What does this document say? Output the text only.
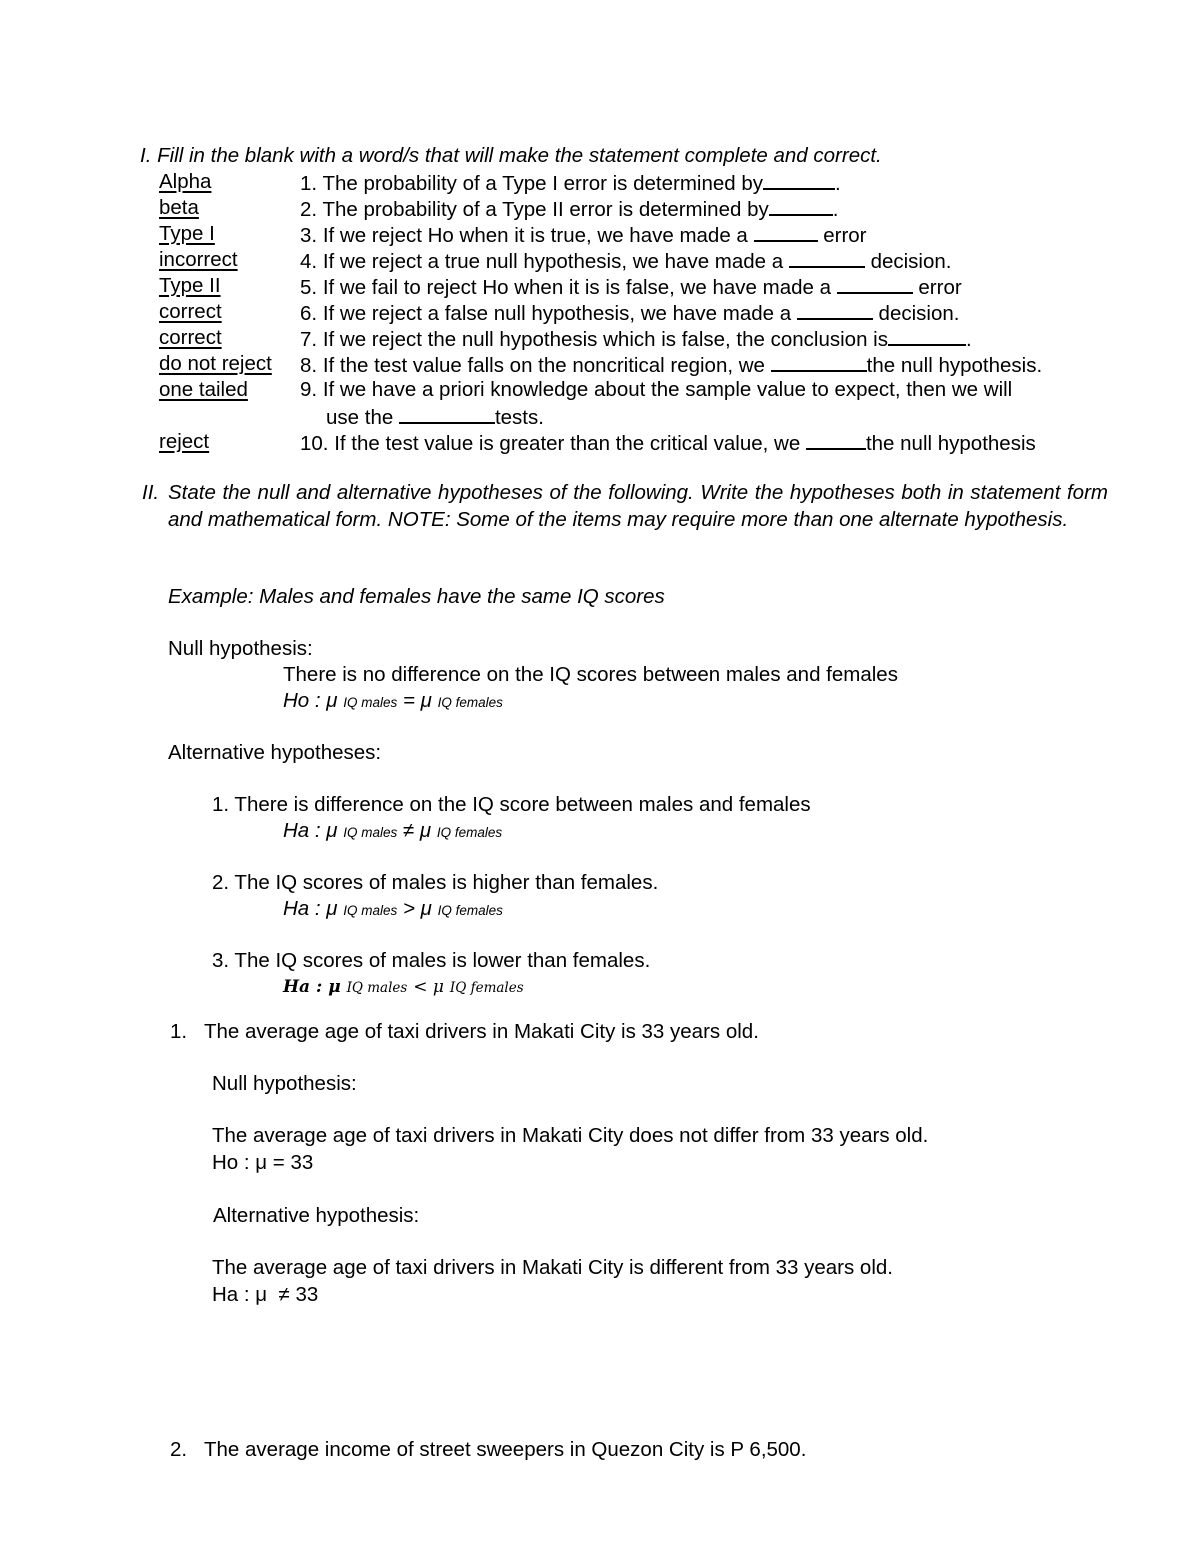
I. Fill in the blank with a word/s that will make the statement complete and correct.
Alpha	1. The probability of a Type I error is determined by	.
beta	2. The probability of a Type II error is determined by	.
Type I	3. If we reject Ho when it is true, we have made a	error
incorrect	4. If we reject a true null hypothesis, we have made a	decision.
Type II	5. If we fail to reject Ho when it is is false, we have made a	error
correct	6. If we reject a false null hypothesis, we have made a	decision.
correct	7. If we reject the null hypothesis which is false, the conclusion is	.
do not reject 8. If the test value falls on the noncritical region, we	the null hypothesis.
one tailed	9. If we have a priori knowledge about the sample value to expect, then we will
use the	tests.
reject	10. If the test value is greater than the critical value, we	the null hypothesis
II. State the null and alternative hypotheses of the following. Write the hypotheses both in statement form and mathematical form. NOTE: Some of the items may require more than one alternate hypothesis.
Example: Males and females have the same IQ scores
Null hypothesis:
There is no difference on the IQ scores between males and females
Ho : μ IQ males = μ IQ females
Alternative hypotheses:
1. There is difference on the IQ score between males and females
Ha : μ IQ males ≠ μ IQ females
2. The IQ scores of males is higher than females.
Ha : μ IQ males > μ IQ females
3. The IQ scores of males is lower than females.
Ha : μ IQ males < μ IQ females
1. The average age of taxi drivers in Makati City is 33 years old.
Null hypothesis:
The average age of taxi drivers in Makati City does not differ from 33 years old.
Ho : μ = 33
Alternative hypothesis:
The average age of taxi drivers in Makati City is different from 33 years old.
Ha : μ  ≠ 33
2. The average income of street sweepers in Quezon City is P 6,500.
